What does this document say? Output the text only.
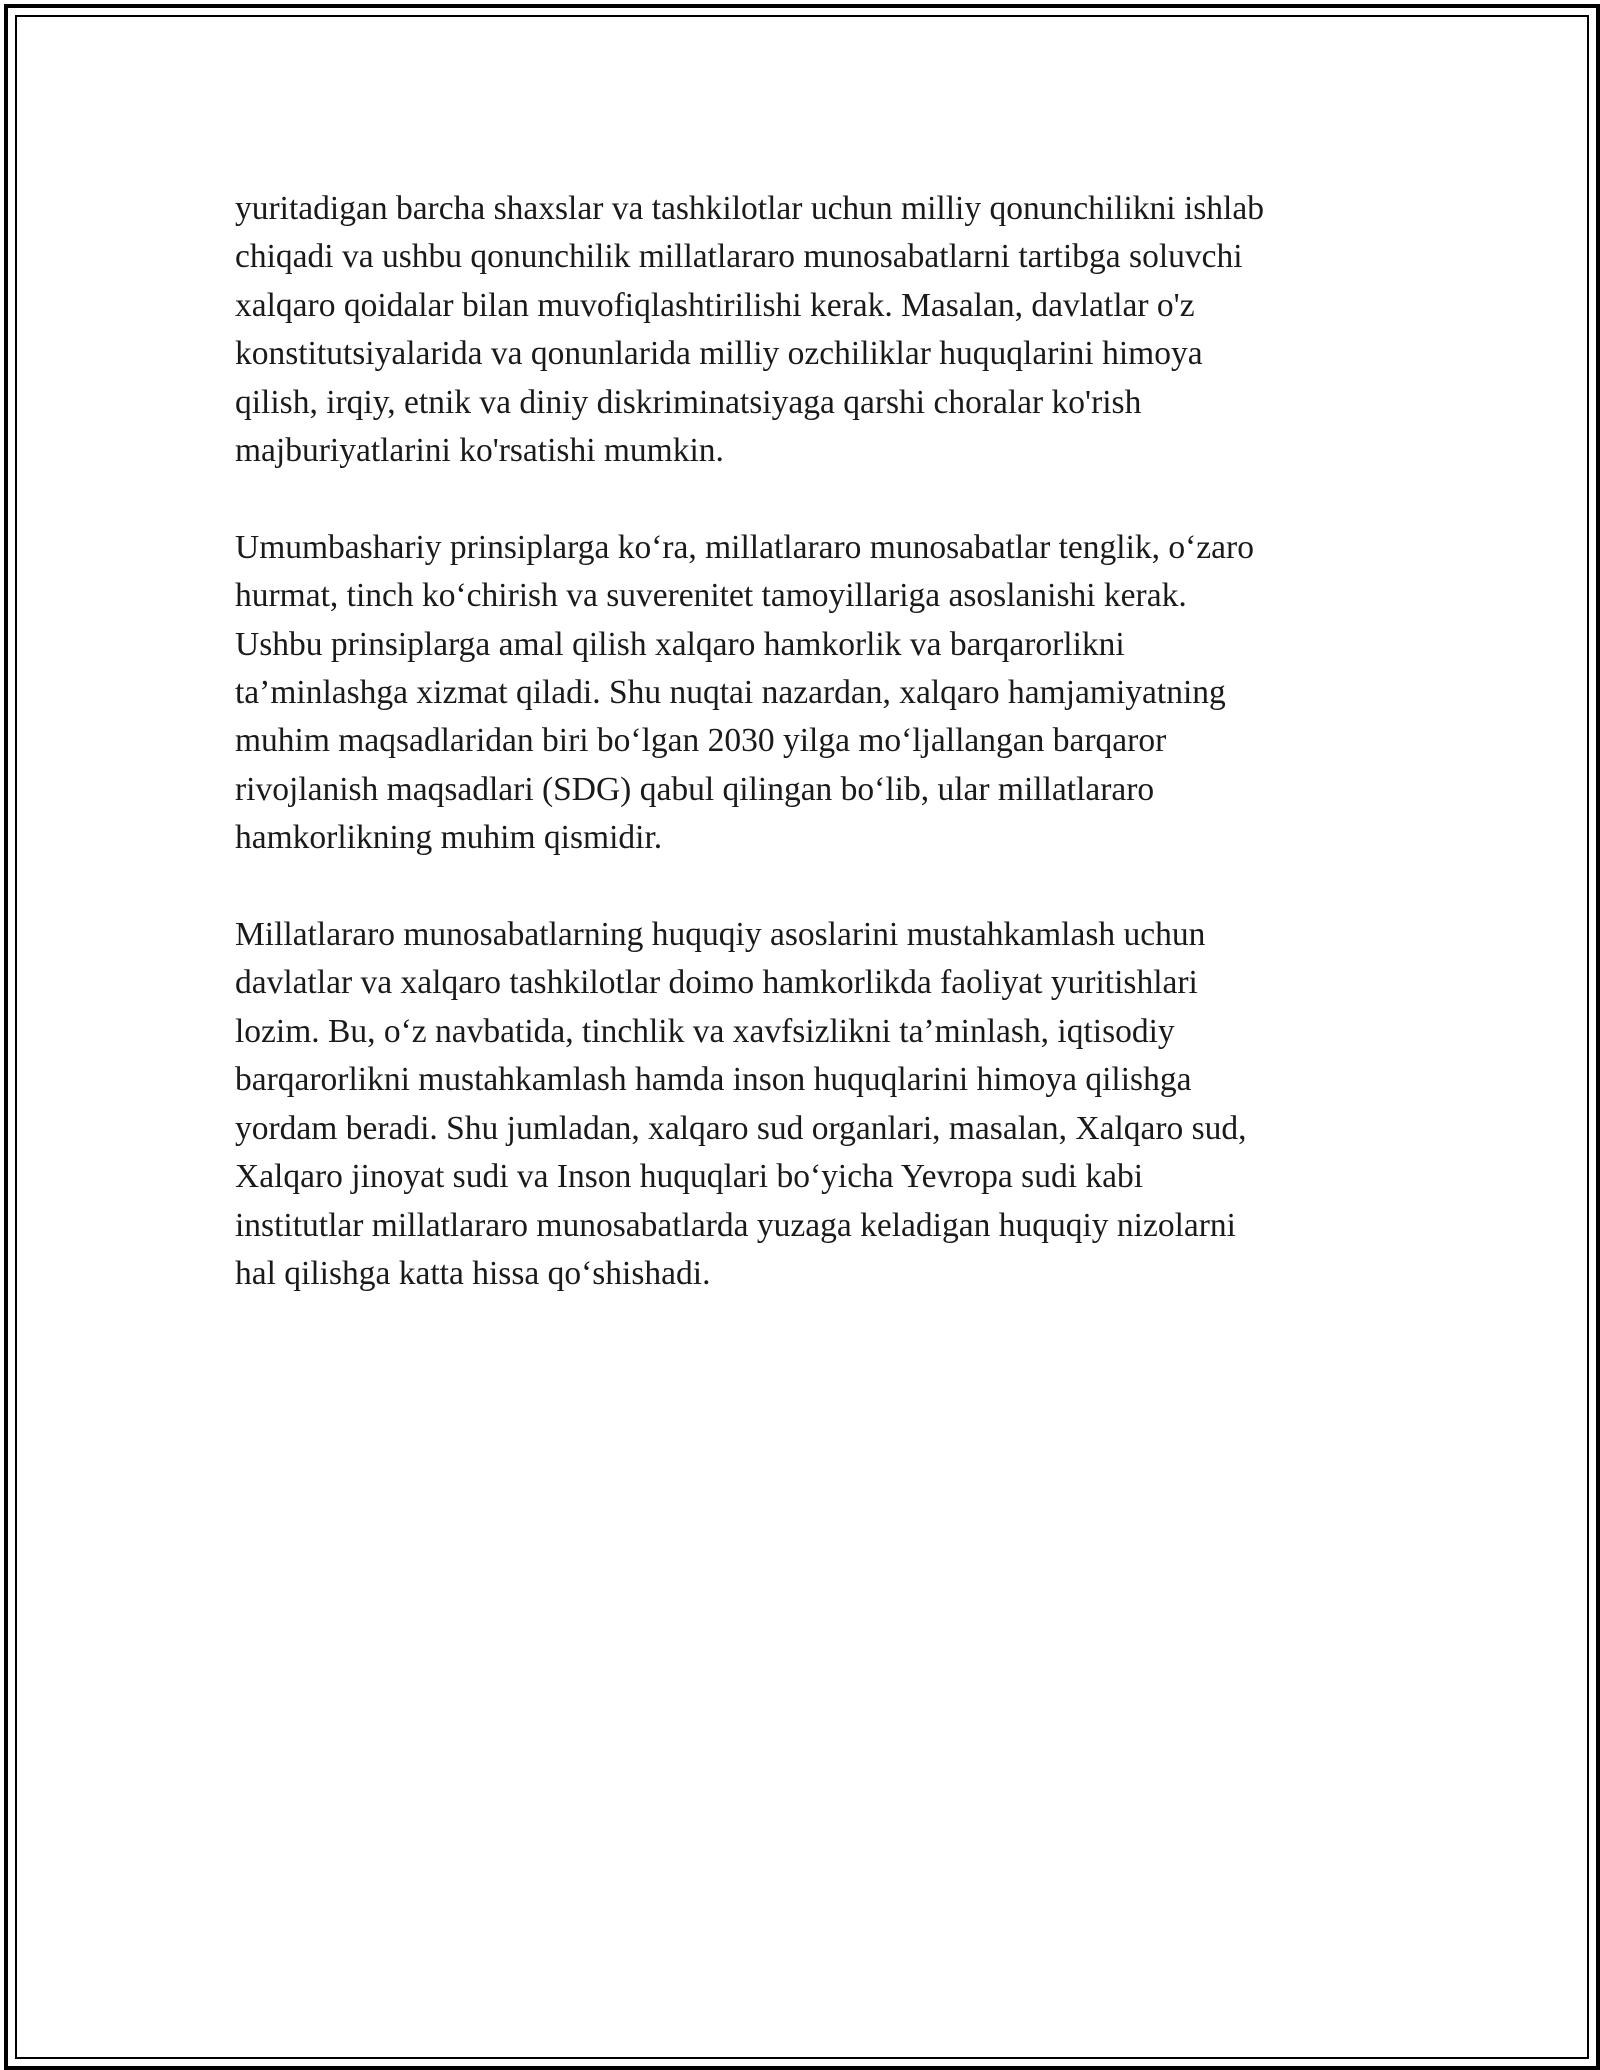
yuritadigan barcha shaxslar va tashkilotlar uchun milliy qonunchilikni ishlab
chiqadi va ushbu qonunchilik millatlararo munosabatlarni tartibga soluvchi
xalqaro qoidalar bilan muvofiqlashtirilishi kerak. Masalan, davlatlar o'z
konstitutsiyalarida va qonunlarida milliy ozchiliklar huquqlarini himoya
qilish, irqiy, etnik va diniy diskriminatsiyaga qarshi choralar ko'rish
majburiyatlarini ko'rsatishi mumkin.

Umumbashariy prinsiplarga ko‘ra, millatlararo munosabatlar tenglik, o‘zaro
hurmat, tinch ko‘chirish va suverenitet tamoyillariga asoslanishi kerak.
Ushbu prinsiplarga amal qilish xalqaro hamkorlik va barqarorlikni
ta’minlashga xizmat qiladi. Shu nuqtai nazardan, xalqaro hamjamiyatning
muhim maqsadlaridan biri bo‘lgan 2030 yilga mo‘ljallangan barqaror
rivojlanish maqsadlari (SDG) qabul qilingan bo‘lib, ular millatlararo
hamkorlikning muhim qismidir.

Millatlararo munosabatlarning huquqiy asoslarini mustahkamlash uchun
davlatlar va xalqaro tashkilotlar doimo hamkorlikda faoliyat yuritishlari
lozim. Bu, o‘z navbatida, tinchlik va xavfsizlikni ta’minlash, iqtisodiy
barqarorlikni mustahkamlash hamda inson huquqlarini himoya qilishga
yordam beradi. Shu jumladan, xalqaro sud organlari, masalan, Xalqaro sud,
Xalqaro jinoyat sudi va Inson huquqlari bo‘yicha Yevropa sudi kabi
institutlar millatlararo munosabatlarda yuzaga keladigan huquqiy nizolarni
hal qilishga katta hissa qo‘shishadi.
